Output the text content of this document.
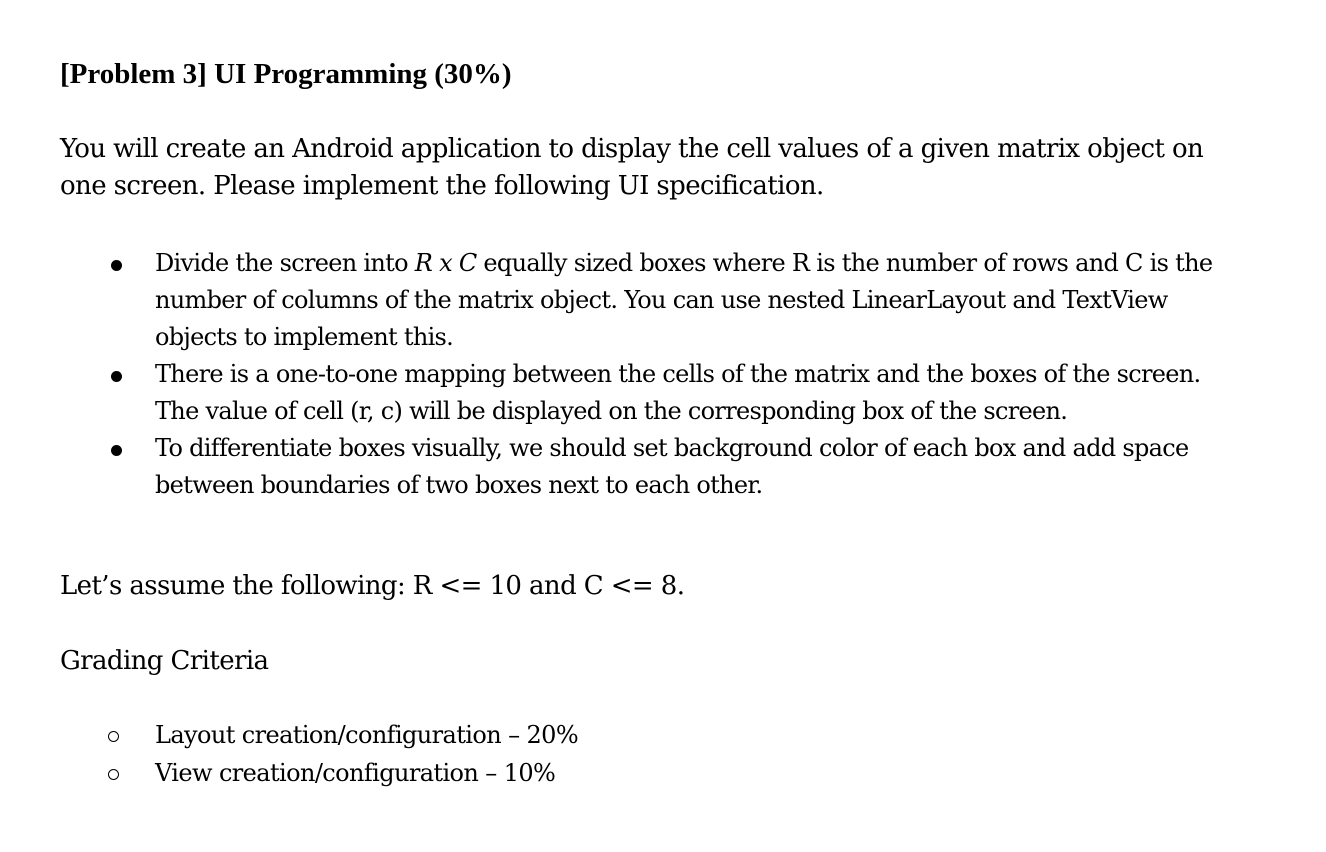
[Problem 3] UI Programming (30%)
You will create an Android application to display the cell values of a given matrix object on
one screen. Please implement the following UI specification.
Divide the screen into R x C equally sized boxes where R is the number of rows and C is the
number of columns of the matrix object. You can use nested LinearLayout and TextView
objects to implement this.
There is a one-to-one mapping between the cells of the matrix and the boxes of the screen.
The value of cell (r, c) will be displayed on the corresponding box of the screen.
To differentiate boxes visually, we should set background color of each box and add space
between boundaries of two boxes next to each other.
Let’s assume the following: R <= 10 and C <= 8.
Grading Criteria
Layout creation/configuration – 20%
View creation/configuration – 10%
